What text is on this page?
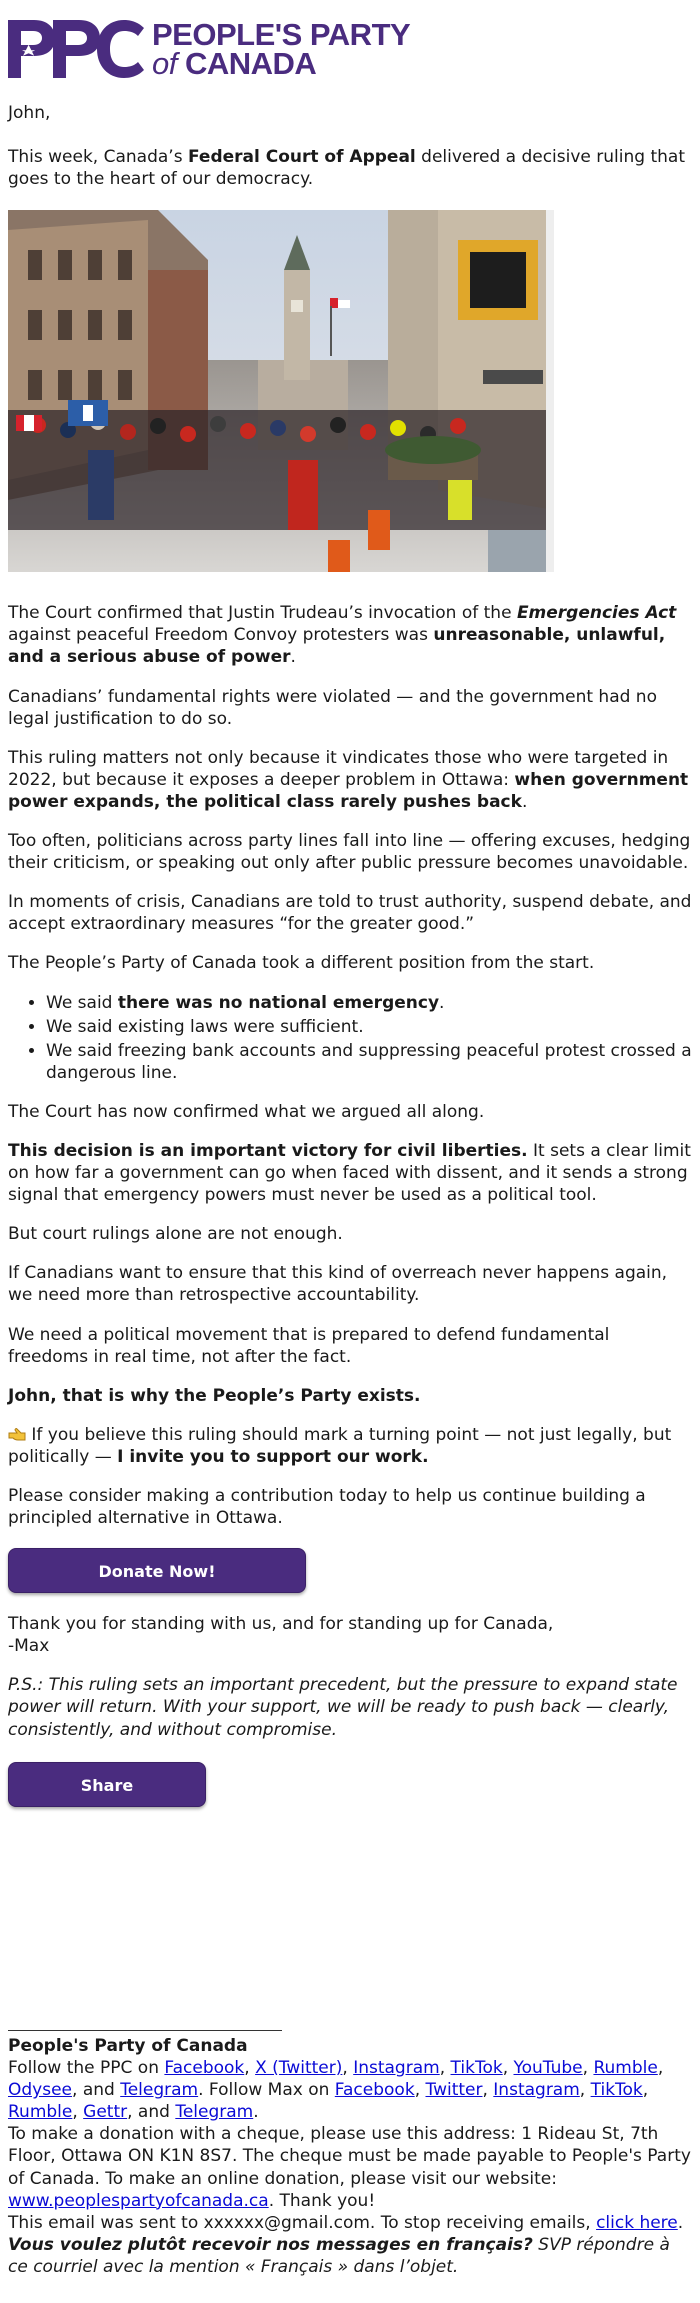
PEOPLE'S PARTY
of CANADA

John,

This week, Canada’s Federal Court of Appeal delivered a decisive ruling that goes to the heart of our democracy.

The Court confirmed that Justin Trudeau’s invocation of the Emergencies Act against peaceful Freedom Convoy protesters was unreasonable, unlawful, and a serious abuse of power.

Canadians’ fundamental rights were violated — and the government had no legal justification to do so.

This ruling matters not only because it vindicates those who were targeted in 2022, but because it exposes a deeper problem in Ottawa: when government power expands, the political class rarely pushes back.

Too often, politicians across party lines fall into line — offering excuses, hedging their criticism, or speaking out only after public pressure becomes unavoidable.

In moments of crisis, Canadians are told to trust authority, suspend debate, and accept extraordinary measures “for the greater good.”

The People’s Party of Canada took a different position from the start.

• We said there was no national emergency.
• We said existing laws were sufficient.
• We said freezing bank accounts and suppressing peaceful protest crossed a dangerous line.

The Court has now confirmed what we argued all along.

This decision is an important victory for civil liberties. It sets a clear limit on how far a government can go when faced with dissent, and it sends a strong signal that emergency powers must never be used as a political tool.

But court rulings alone are not enough.

If Canadians want to ensure that this kind of overreach never happens again, we need more than retrospective accountability.

We need a political movement that is prepared to defend fundamental freedoms in real time, not after the fact.

John, that is why the People’s Party exists.

If you believe this ruling should mark a turning point — not just legally, but politically — I invite you to support our work.

Please consider making a contribution today to help us continue building a principled alternative in Ottawa.

Donate Now!
Thank you for standing with us, and for standing up for Canada,
-Max

P.S.: This ruling sets an important precedent, but the pressure to expand state power will return. With your support, we will be ready to push back — clearly, consistently, and without compromise.

Share
People's Party of Canada
Follow the PPC on Facebook, X (Twitter), Instagram, TikTok, YouTube, Rumble, Odysee, and Telegram. Follow Max on Facebook, Twitter, Instagram, TikTok, Rumble, Gettr, and Telegram.
To make a donation with a cheque, please use this address: 1 Rideau St, 7th Floor, Ottawa ON K1N 8S7. The cheque must be made payable to People's Party of Canada. To make an online donation, please visit our website: www.peoplespartyofcanada.ca. Thank you!
This email was sent to xxxxxx@gmail.com. To stop receiving emails, click here.
Vous voulez plutôt recevoir nos messages en français? SVP répondre à ce courriel avec la mention « Français » dans l’objet.
